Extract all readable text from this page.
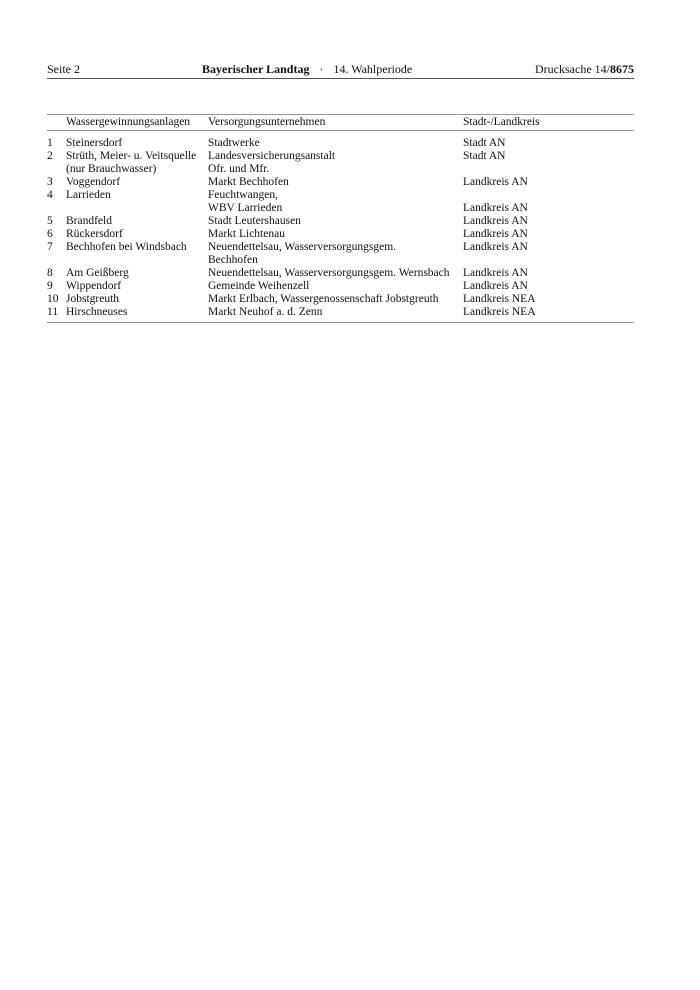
Seite 2	Bayerischer Landtag · 14. Wahlperiode	Drucksache 14/8675
	Wassergewinnungsanlagen	Versorgungsunternehmen	Stadt-/Landkreis
1	Steinersdorf	Stadtwerke	Stadt AN
2	Strüth, Meier- u. Veitsquelle	Landesversicherungsanstalt	Stadt AN
	(nur Brauchwasser)	Ofr. und Mfr.	
3	Voggendorf	Markt Bechhofen	Landkreis AN
4	Larrieden	Feuchtwangen,	
		WBV Larrieden	Landkreis AN
5	Brandfeld	Stadt Leutershausen	Landkreis AN
6	Rückersdorf	Markt Lichtenau	Landkreis AN
7	Bechhofen bei Windsbach	Neuendettelsau, Wasserversorgungsgem.	Landkreis AN
		Bechhofen	
8	Am Geißberg	Neuendettelsau, Wasserversorgungsgem. Wernsbach	Landkreis AN
9	Wippendorf	Gemeinde Weihenzell	Landkreis AN
10	Jobstgreuth	Markt Erlbach, Wassergenossenschaft Jobstgreuth	Landkreis NEA
11	Hirschneuses	Markt Neuhof a. d. Zenn	Landkreis NEA
